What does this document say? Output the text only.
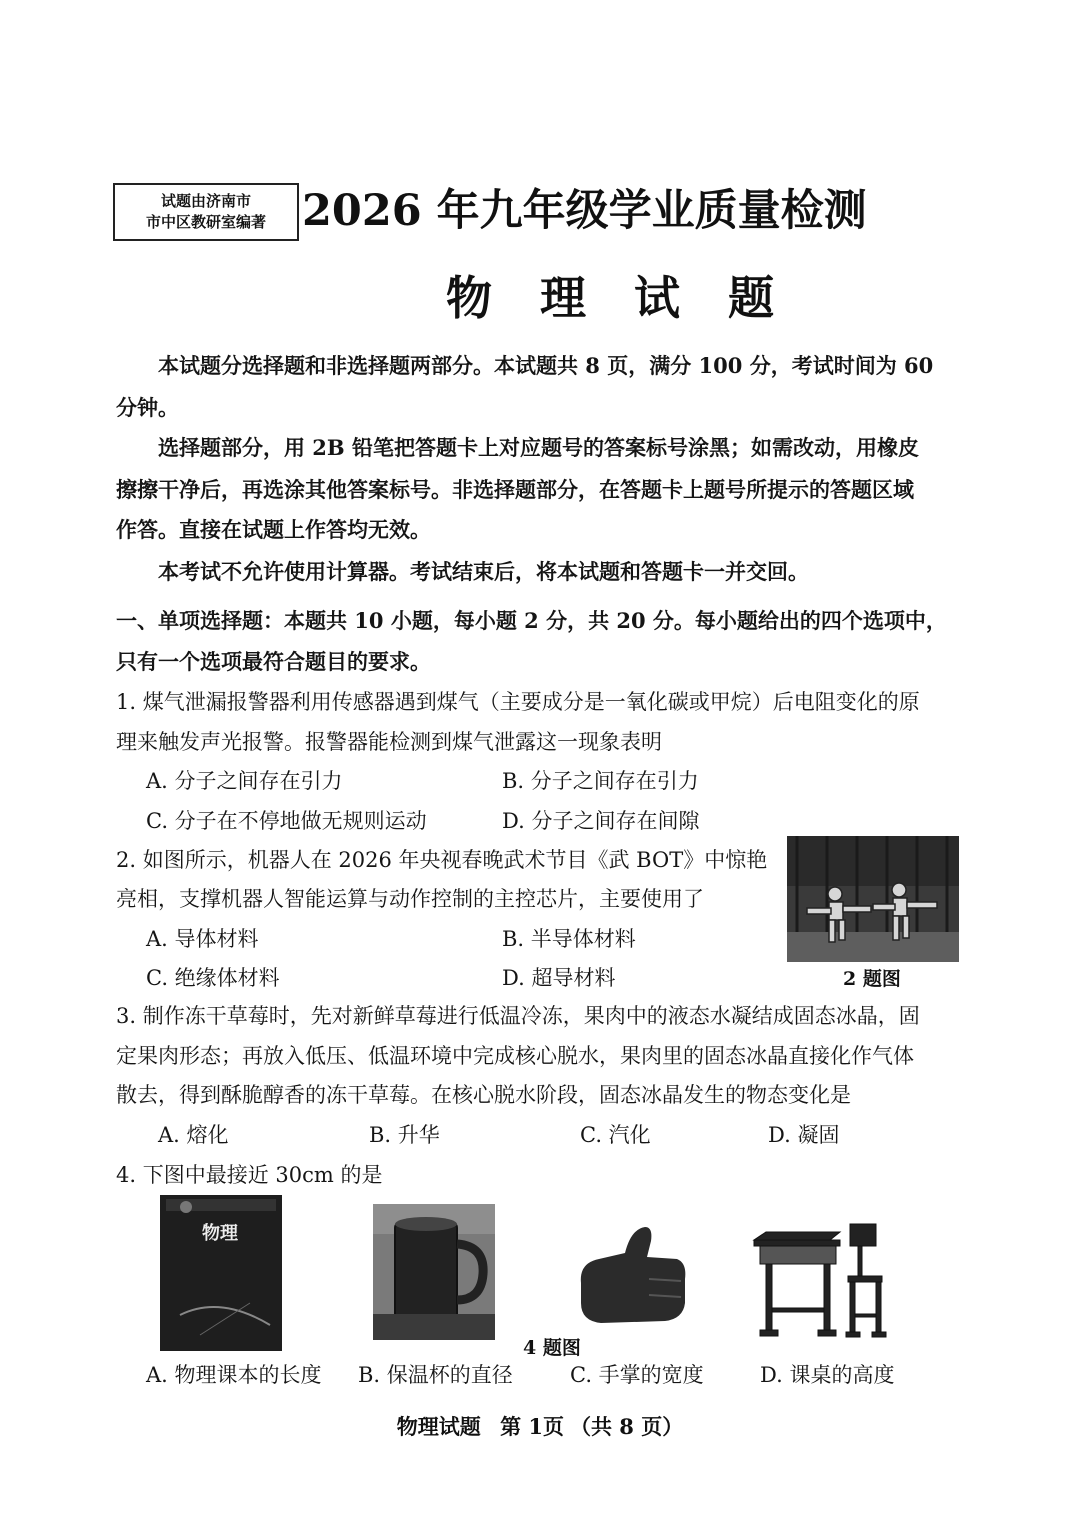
试题由济南市
市中区教研室编著 2026 年九年级学业质量检测
物 理 试 题
本试题分选择题和非选择题两部分。本试题共 8 页，满分 100 分，考试时间为 60
分钟。
选择题部分，用 2B 铅笔把答题卡上对应题号的答案标号涂黑；如需改动，用橡皮
擦擦干净后，再选涂其他答案标号。非选择题部分，在答题卡上题号所提示的答题区域
作答。直接在试题上作答均无效。
本考试不允许使用计算器。考试结束后，将本试题和答题卡一并交回。
一、单项选择题：本题共 10 小题，每小题 2 分，共 20 分。每小题给出的四个选项中，
只有一个选项最符合题目的要求。
1. 煤气泄漏报警器利用传感器遇到煤气（主要成分是一氧化碳或甲烷）后电阻变化的原
理来触发声光报警。报警器能检测到煤气泄露这一现象表明
A. 分子之间存在引力	B. 分子之间存在引力
C. 分子在不停地做无规则运动	D. 分子之间存在间隙
2. 如图所示，机器人在 2026 年央视春晚武术节目《武 BOT》中惊艳
亮相，支撑机器人智能运算与动作控制的主控芯片，主要使用了
A. 导体材料	B. 半导体材料
C. 绝缘体材料	D. 超导材料	2 题图
3. 制作冻干草莓时，先对新鲜草莓进行低温冷冻，果肉中的液态水凝结成固态冰晶，固
定果肉形态；再放入低压、低温环境中完成核心脱水，果肉里的固态冰晶直接化作气体
散去，得到酥脆醇香的冻干草莓。在核心脱水阶段，固态冰晶发生的物态变化是
A. 熔化	B. 升华	C. 汽化	D. 凝固
4. 下图中最接近 30cm 的是
物理
4 题图
A. 物理课本的长度 B. 保温杯的直径	C. 手掌的宽度	D. 课桌的高度
物理试题 第 1页 （共 8 页）
